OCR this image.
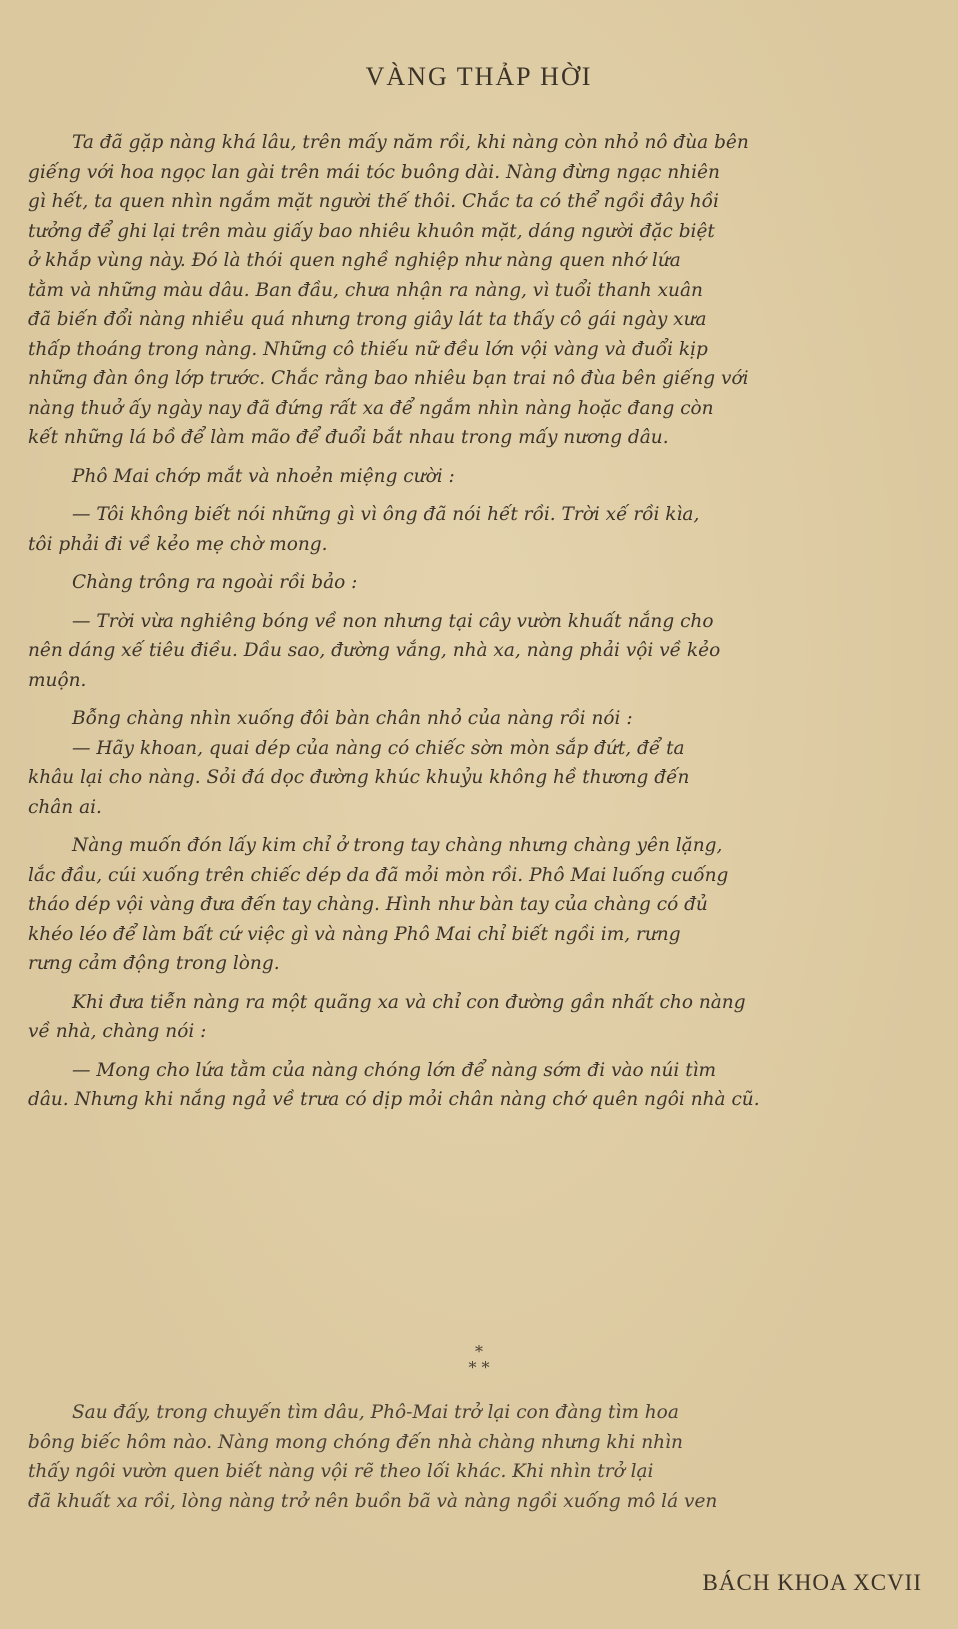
VÀNG THẢP HỜI
Ta đã gặp nàng khá lâu, trên mấy năm rồi, khi nàng còn nhỏ nô đùa bên
giếng với hoa ngọc lan gài trên mái tóc buông dài. Nàng đừng ngạc nhiên
gì hết, ta quen nhìn ngắm mặt người thế thôi. Chắc ta có thể ngồi đây hồi
tưởng để ghi lại trên màu giấy bao nhiêu khuôn mặt, dáng người đặc biệt
ở khắp vùng này. Đó là thói quen nghề nghiệp như nàng quen nhớ lứa
tằm và những màu dâu. Ban đầu, chưa nhận ra nàng, vì tuổi thanh xuân
đã biến đổi nàng nhiều quá nhưng trong giây lát ta thấy cô gái ngày xưa
thấp thoáng trong nàng. Những cô thiếu nữ đều lớn vội vàng và đuổi kịp
những đàn ông lớp trước. Chắc rằng bao nhiêu bạn trai nô đùa bên giếng với
nàng thuở ấy ngày nay đã đứng rất xa để ngắm nhìn nàng hoặc đang còn
kết những lá bồ để làm mão để đuổi bắt nhau trong mấy nương dâu.
Phô Mai chớp mắt và nhoẻn miệng cười :
— Tôi không biết nói những gì vì ông đã nói hết rồi. Trời xế rồi kìa,
tôi phải đi về kẻo mẹ chờ mong.
Chàng trông ra ngoài rồi bảo :
— Trời vừa nghiêng bóng về non nhưng tại cây vườn khuất nắng cho
nên dáng xế tiêu điều. Dầu sao, đường vắng, nhà xa, nàng phải vội về kẻo
muộn.
Bỗng chàng nhìn xuống đôi bàn chân nhỏ của nàng rồi nói :
— Hãy khoan, quai dép của nàng có chiếc sờn mòn sắp đứt, để ta
khâu lại cho nàng. Sỏi đá dọc đường khúc khuỷu không hề thương đến
chân ai.
Nàng muốn đón lấy kim chỉ ở trong tay chàng nhưng chàng yên lặng,
lắc đầu, cúi xuống trên chiếc dép da đã mỏi mòn rồi. Phô Mai luống cuống
tháo dép vội vàng đưa đến tay chàng. Hình như bàn tay của chàng có đủ
khéo léo để làm bất cứ việc gì và nàng Phô Mai chỉ biết ngồi im, rưng
rưng cảm động trong lòng.
Khi đưa tiễn nàng ra một quãng xa và chỉ con đường gần nhất cho nàng
về nhà, chàng nói :
— Mong cho lứa tằm của nàng chóng lớn để nàng sớm đi vào núi tìm
dâu. Nhưng khi nắng ngả về trưa có dịp mỏi chân nàng chớ quên ngôi nhà cũ.
*
* *
Sau đấy, trong chuyến tìm dâu, Phô-Mai trở lại con đàng tìm hoa
bông biếc hôm nào. Nàng mong chóng đến nhà chàng nhưng khi nhìn
thấy ngôi vườn quen biết nàng vội rẽ theo lối khác. Khi nhìn trở lại
đã khuất xa rồi, lòng nàng trở nên buồn bã và nàng ngồi xuống mô lá ven
BÁCH KHOA XCVII
